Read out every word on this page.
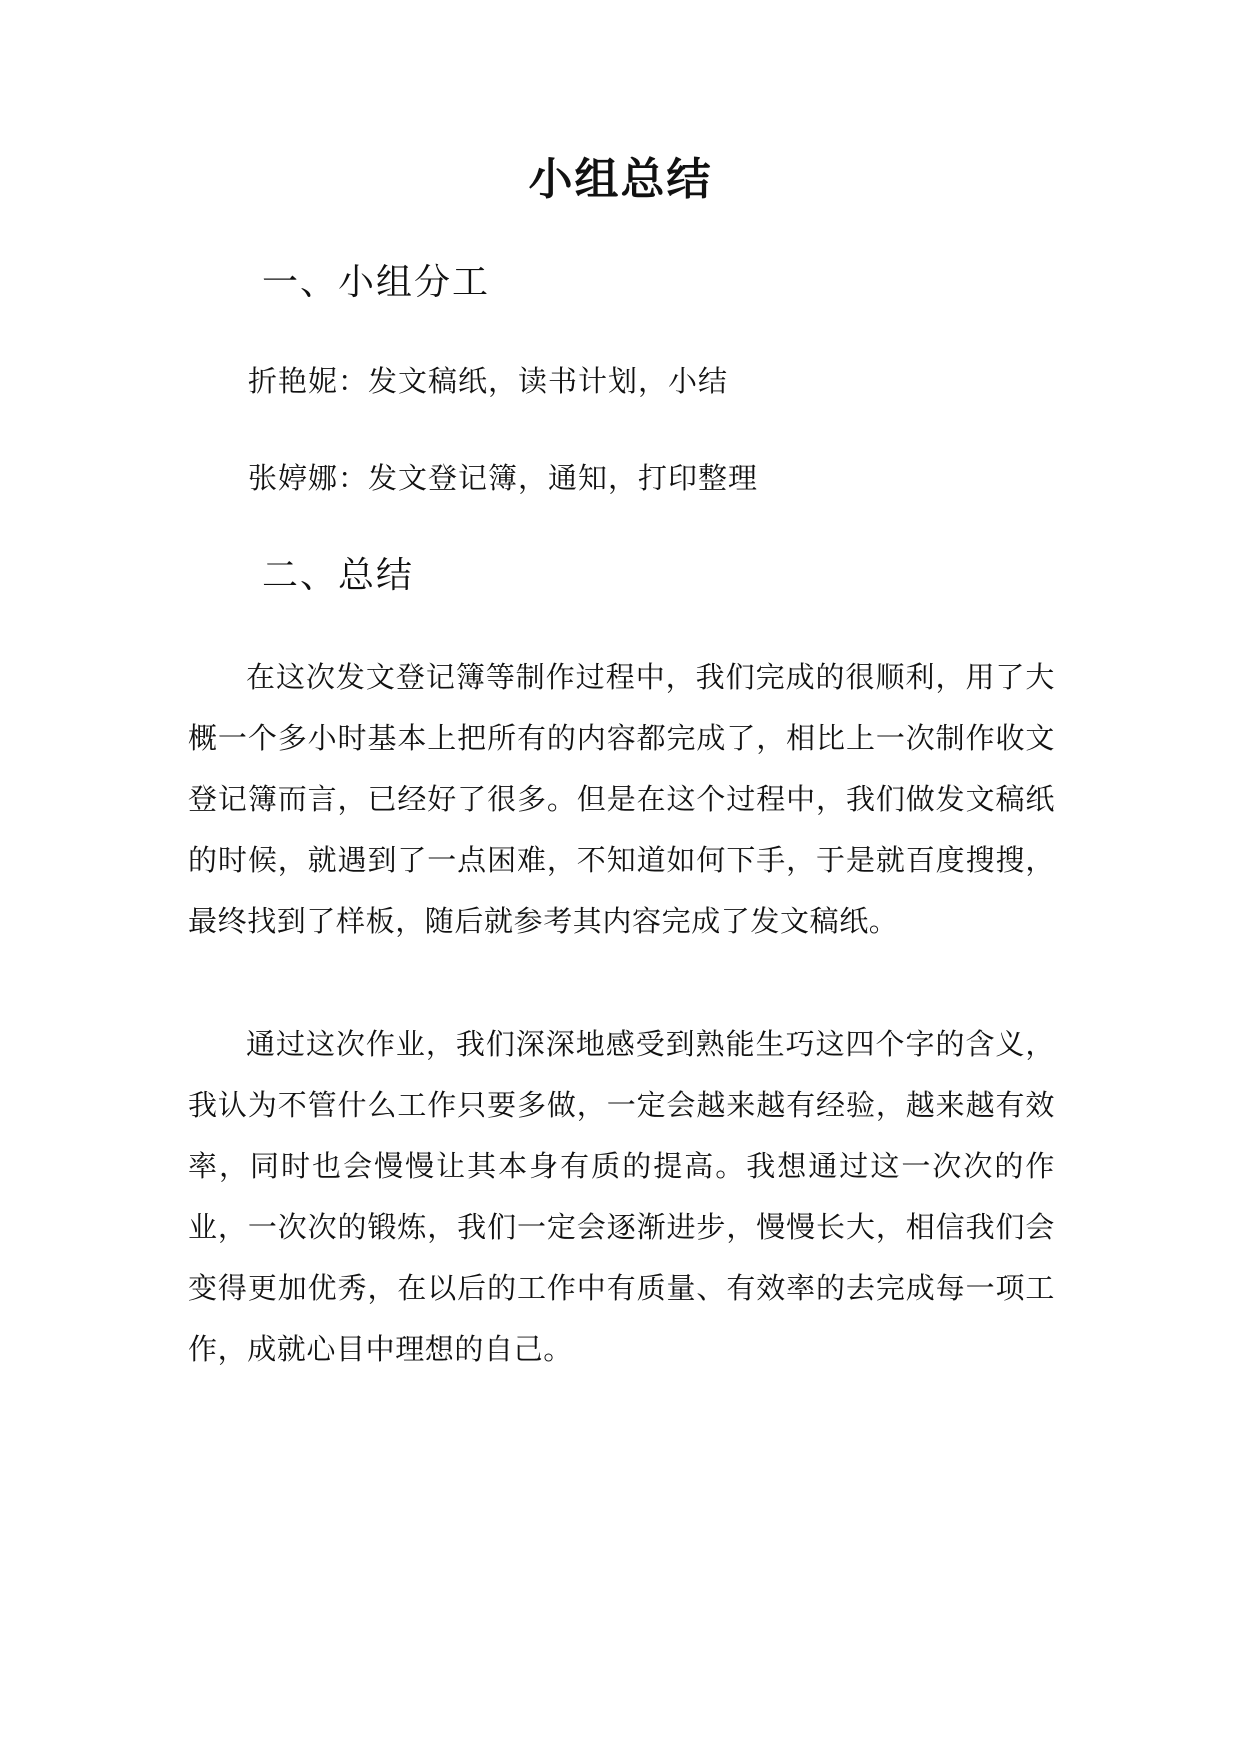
小组总结
一、小组分工
折艳妮：发文稿纸，读书计划，小结
张婷娜：发文登记簿，通知，打印整理
二、总结

在这次发文登记簿等制作过程中，我们完成的很顺利，用了大概一个多小时基本上把所有的内容都完成了，相比上一次制作收文登记簿而言，已经好了很多。但是在这个过程中，我们做发文稿纸的时候，就遇到了一点困难，不知道如何下手，于是就百度搜搜，最终找到了样板，随后就参考其内容完成了发文稿纸。

通过这次作业，我们深深地感受到熟能生巧这四个字的含义，我认为不管什么工作只要多做，一定会越来越有经验，越来越有效率，同时也会慢慢让其本身有质的提高。我想通过这一次次的作业，一次次的锻炼，我们一定会逐渐进步，慢慢长大，相信我们会变得更加优秀，在以后的工作中有质量、有效率的去完成每一项工作，成就心目中理想的自己。
